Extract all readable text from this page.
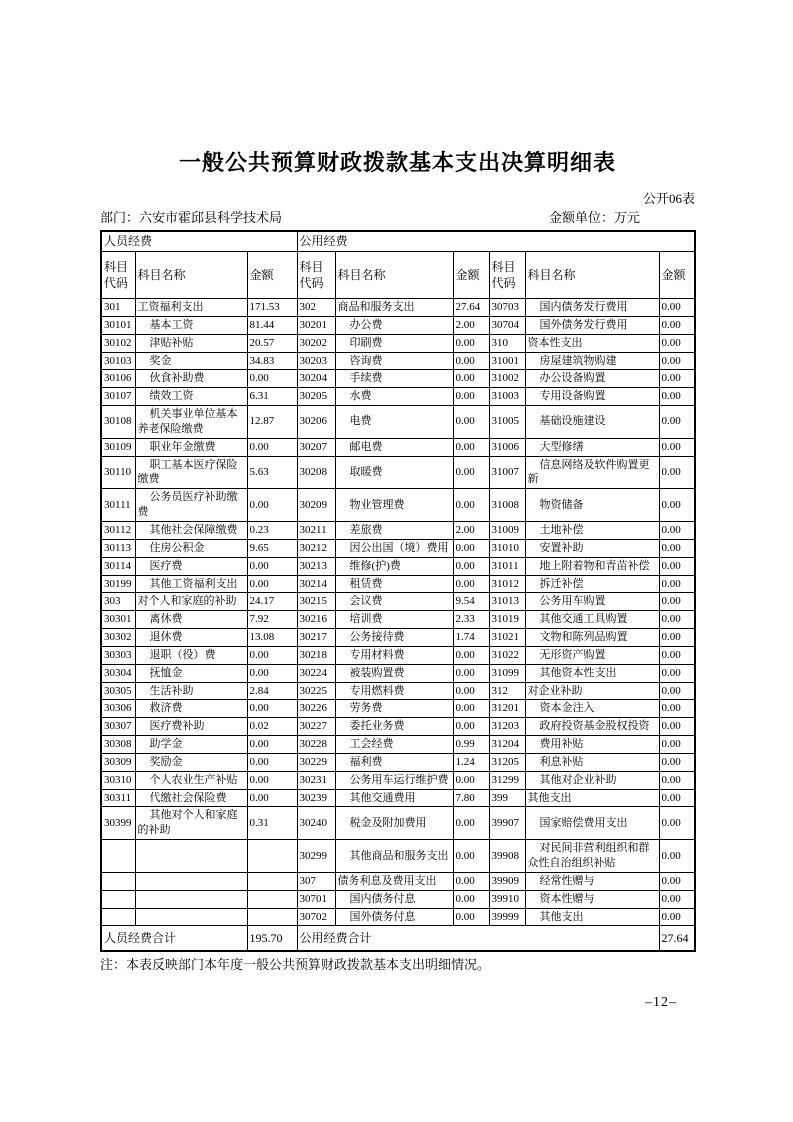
一般公共预算财政拨款基本支出决算明细表
公开06表
部门：六安市霍邱县科学技术局	金额单位：万元
人员经费			公用经费					
科目代码	科目名称	金额	科目代码	科目名称	金额	科目代码	科目名称	金额
301	工资福利支出	171.53	302	商品和服务支出	27.64	30703	国内债务发行费用	0.00
30101	基本工资	81.44	30201	办公费	2.00	30704	国外债务发行费用	0.00
30102	津贴补贴	20.57	30202	印刷费	0.00	310	资本性支出	0.00
30103	奖金	34.83	30203	咨询费	0.00	31001	房屋建筑物购建	0.00
30106	伙食补助费	0.00	30204	手续费	0.00	31002	办公设备购置	0.00
30107	绩效工资	6.31	30205	水费	0.00	31003	专用设备购置	0.00
30108	机关事业单位基本养老保险缴费	12.87	30206	电费	0.00	31005	基础设施建设	0.00
30109	职业年金缴费	0.00	30207	邮电费	0.00	31006	大型修缮	0.00
30110	职工基本医疗保险缴费	5.63	30208	取暖费	0.00	31007	信息网络及软件购置更新	0.00
30111	公务员医疗补助缴费	0.00	30209	物业管理费	0.00	31008	物资储备	0.00
30112	其他社会保障缴费	0.23	30211	差旅费	2.00	31009	土地补偿	0.00
30113	住房公积金	9.65	30212	因公出国（境）费用	0.00	31010	安置补助	0.00
30114	医疗费	0.00	30213	维修(护)费	0.00	31011	地上附着物和青苗补偿	0.00
30199	其他工资福利支出	0.00	30214	租赁费	0.00	31012	拆迁补偿	0.00
303	对个人和家庭的补助	24.17	30215	会议费	9.54	31013	公务用车购置	0.00
30301	离休费	7.92	30216	培训费	2.33	31019	其他交通工具购置	0.00
30302	退休费	13.08	30217	公务接待费	1.74	31021	文物和陈列品购置	0.00
30303	退职（役）费	0.00	30218	专用材料费	0.00	31022	无形资产购置	0.00
30304	抚恤金	0.00	30224	被装购置费	0.00	31099	其他资本性支出	0.00
30305	生活补助	2.84	30225	专用燃料费	0.00	312	对企业补助	0.00
30306	救济费	0.00	30226	劳务费	0.00	31201	资本金注入	0.00
30307	医疗费补助	0.02	30227	委托业务费	0.00	31203	政府投资基金股权投资	0.00
30308	助学金	0.00	30228	工会经费	0.99	31204	费用补贴	0.00
30309	奖励金	0.00	30229	福利费	1.24	31205	利息补贴	0.00
30310	个人农业生产补贴	0.00	30231	公务用车运行维护费	0.00	31299	其他对企业补助	0.00
30311	代缴社会保险费	0.00	30239	其他交通费用	7.80	399	其他支出	0.00
30399	其他对个人和家庭的补助	0.31	30240	税金及附加费用	0.00	39907	国家赔偿费用支出	0.00
			30299	其他商品和服务支出	0.00	39908	对民间非营利组织和群众性自治组织补贴	0.00
			307	债务利息及费用支出	0.00	39909	经常性赠与	0.00
			30701	国内债务付息	0.00	39910	资本性赠与	0.00
			30702	国外债务付息	0.00	39999	其他支出	0.00
人员经费合计		195.70	公用经费合计					27.64
注：本表反映部门本年度一般公共预算财政拨款基本支出明细情况。
–12–
